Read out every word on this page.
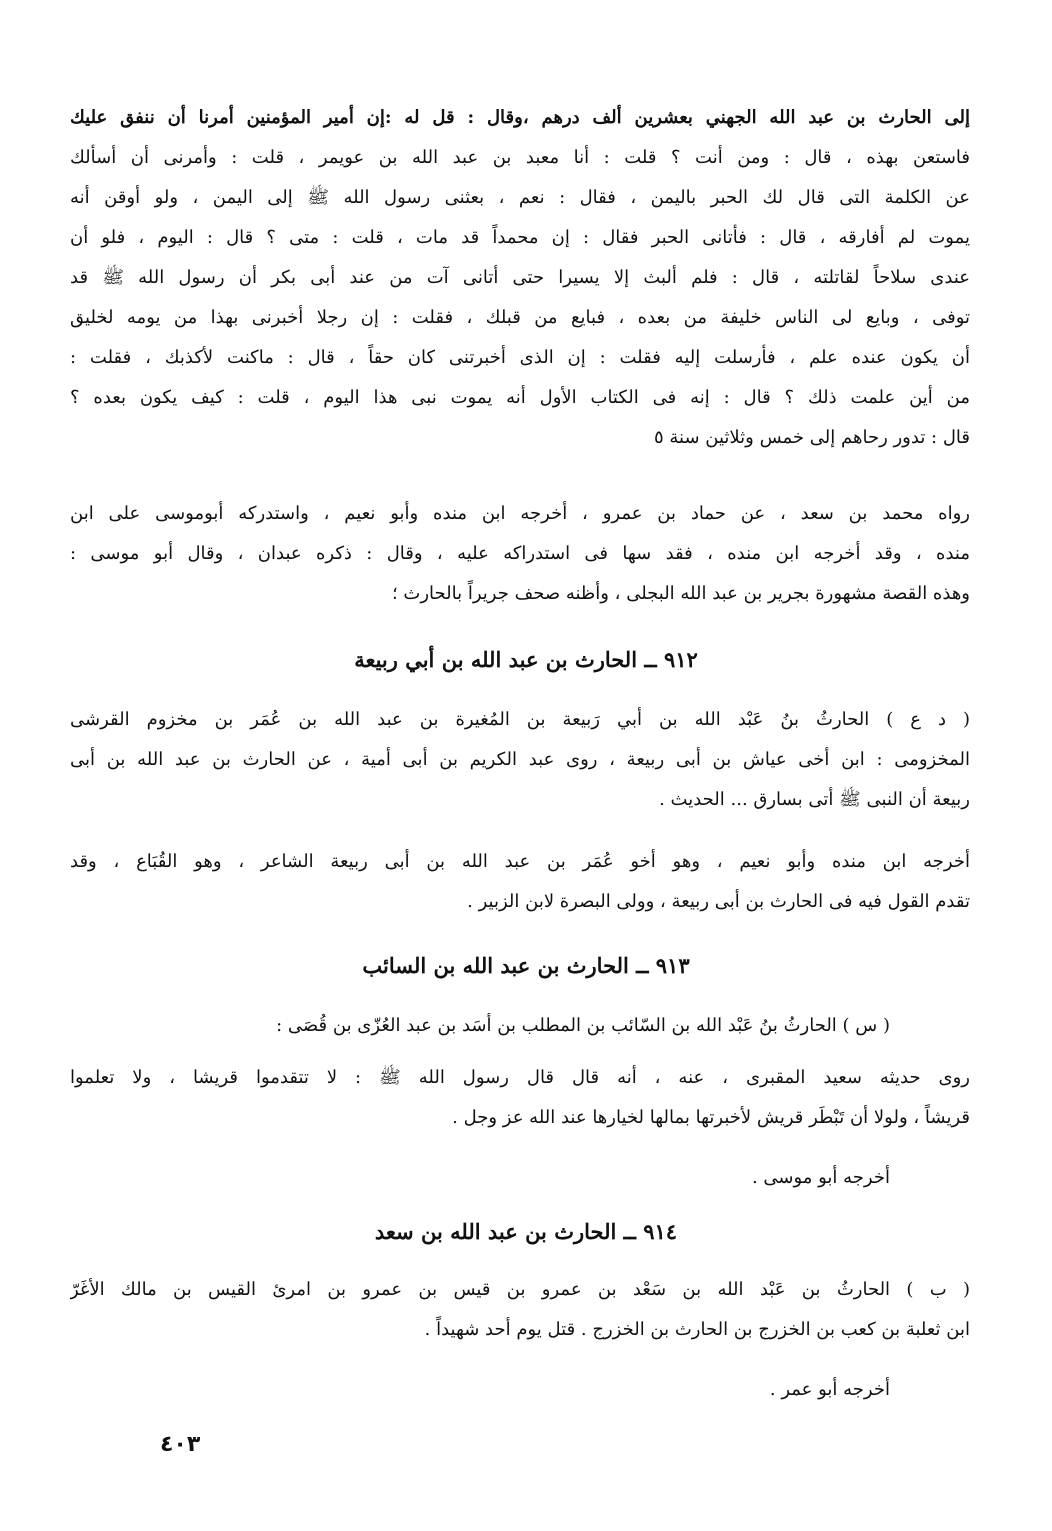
إلى الحارث بن عبد الله الجهني بعشرين ألف درهم ،وقال : قل له :إن أمير المؤمنين أمرنا أن ننفق عليك
فاستعن بهذه ، قال : ومن أنت ؟ قلت : أنا معبد بن عبد الله بن عويمر ، قلت : وأمرنى أن أسألك
عن الكلمة التى قال لك الحبر باليمن ، فقال : نعم ، بعثنى رسول الله ﷺ إلى اليمن ، ولو أوقن أنه
يموت لم أفارقه ، قال : فأتانى الحبر فقال : إن محمداً قد مات ، قلت : متى ؟ قال : اليوم ، فلو أن
عندى سلاحاً لقاتلته ، قال : فلم ألبث إلا يسيرا حتى أتانى آت من عند أبى بكر أن رسول الله ﷺ قد
توفى ، وبايع لى الناس خليفة من بعده ، فبايع من قبلك ، فقلت : إن رجلا أخبرنى بهذا من يومه لخليق
أن يكون عنده علم ، فأرسلت إليه فقلت : إن الذى أخبرتنى كان حقاً ، قال : ماكنت لأكذبك ، فقلت :
من أين علمت ذلك ؟ قال : إنه فى الكتاب الأول أنه يموت نبى هذا اليوم ، قلت : كيف يكون بعده ؟
قال : تدور رحاهم إلى خمس وثلاثين سنة ٥
رواه محمد بن سعد ، عن حماد بن عمرو ، أخرجه ابن منده وأبو نعيم ، واستدركه أبوموسى على ابن
منده ، وقد أخرجه ابن منده ، فقد سها فى استدراكه عليه ، وقال : ذكره عبدان ، وقال أبو موسى :
وهذه القصة مشهورة بجرير بن عبد الله البجلى ، وأظنه صحف جريراً بالحارث ؛
٩١٢ ــ الحارث بن عبد الله بن أبي ربيعة
( د ع ) الحارثُ بنُ عَبْد الله بن أبي رَبيعة بن المُغيرة بن عبد الله بن عُمَر بن مخزوم القرشى
المخزومى : ابن أخى عياش بن أبى ربيعة ، روى عبد الكريم بن أبى أمية ، عن الحارث بن عبد الله بن أبى
ربيعة أن النبى ﷺ أتى بسارق ... الحديث .
أخرجه ابن منده وأبو نعيم ، وهو أخو عُمَر بن عبد الله بن أبى ربيعة الشاعر ، وهو القُبَاع ، وقد
تقدم القول فيه فى الحارث بن أبى ربيعة ، وولى البصرة لابن الزبير .
٩١٣ ــ الحارث بن عبد الله بن السائب
( س ) الحارثُ بنُ عَبْد الله بن السّائب بن المطلب بن أسَد بن عبد العُزّى بن قُصَى :
روى حديثه سعيد المقبرى ، عنه ، أنه قال قال رسول الله ﷺ : لا تتقدموا قريشا ، ولا تعلموا
قريشاً ، ولولا أن تَبْطَر قريش لأخبرتها بمالها لخيارها عند الله عز وجل .
أخرجه أبو موسى .
٩١٤ ــ الحارث بن عبد الله بن سعد
( ب ) الحارثُ بن عَبْد الله بن سَعْد بن عمرو بن قيس بن عمرو بن امرئ القيس بن مالك الأغَرّ
ابن ثعلبة بن كعب بن الخزرج بن الحارث بن الخزرج . قتل يوم أحد شهيداً .
أخرجه أبو عمر .
٤٠٣
